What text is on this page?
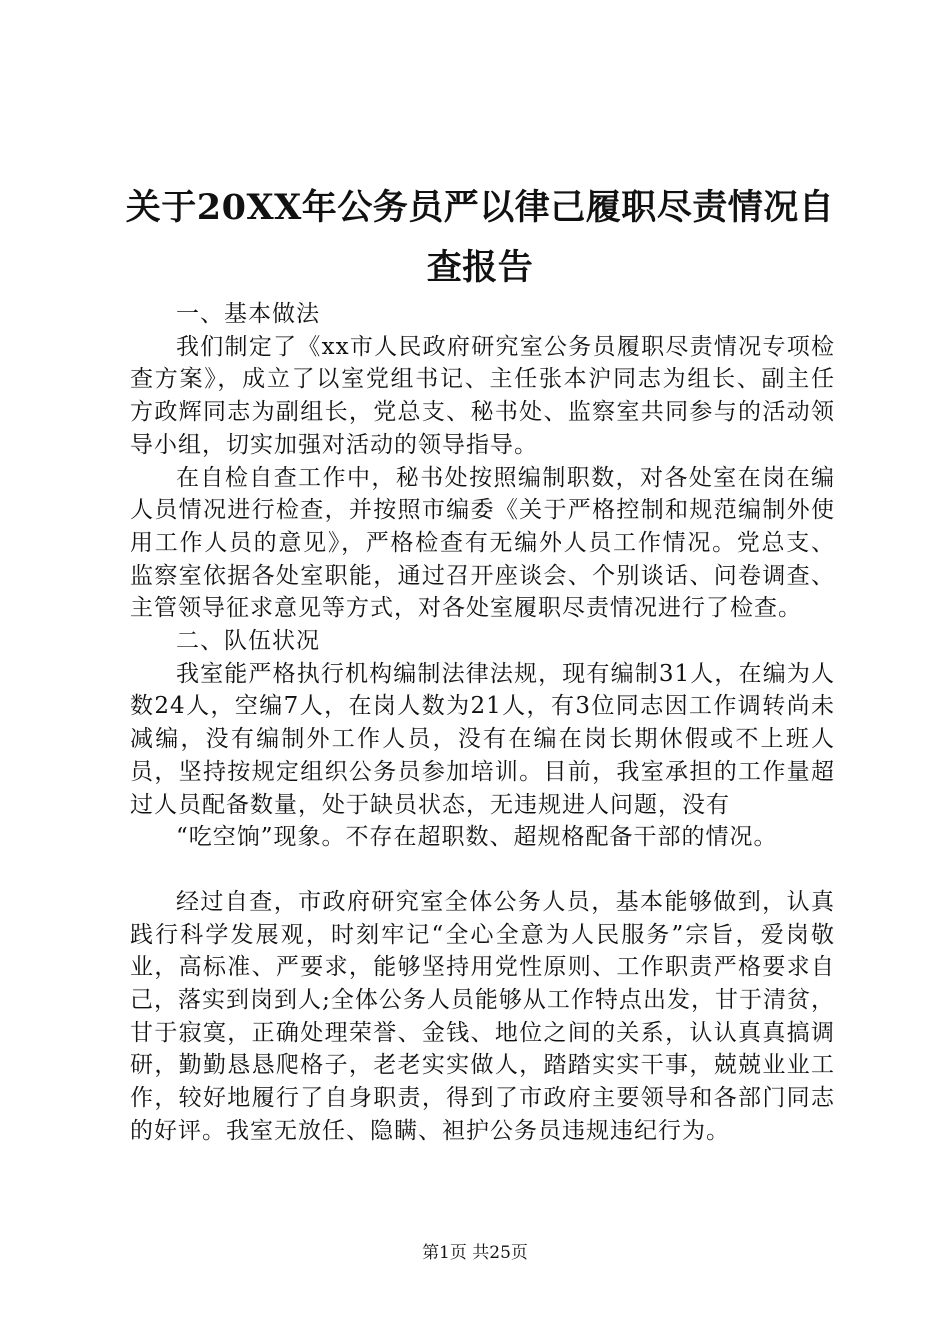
关于20XX年公务员严以律己履职尽责情况自查报告

一、基本做法

我们制定了《xx市人民政府研究室公务员履职尽责情况专项检查方案》，成立了以室党组书记、主任张本沪同志为组长、副主任方政辉同志为副组长，党总支、秘书处、监察室共同参与的活动领导小组，切实加强对活动的领导指导。

在自检自查工作中，秘书处按照编制职数，对各处室在岗在编人员情况进行检查，并按照市编委《关于严格控制和规范编制外使用工作人员的意见》，严格检查有无编外人员工作情况。党总支、监察室依据各处室职能，通过召开座谈会、个别谈话、问卷调查、主管领导征求意见等方式，对各处室履职尽责情况进行了检查。

二、队伍状况

我室能严格执行机构编制法律法规，现有编制31人，在编为人数24人，空编7人，在岗人数为21人，有3位同志因工作调转尚未减编，没有编制外工作人员，没有在编在岗长期休假或不上班人员，坚持按规定组织公务员参加培训。目前，我室承担的工作量超过人员配备数量，处于缺员状态，无违规进人问题，没有

“吃空饷”现象。不存在超职数、超规格配备干部的情况。

经过自查，市政府研究室全体公务人员，基本能够做到，认真践行科学发展观，时刻牢记“全心全意为人民服务”宗旨，爱岗敬业，高标准、严要求，能够坚持用党性原则、工作职责严格要求自己，落实到岗到人;全体公务人员能够从工作特点出发，甘于清贫，甘于寂寞，正确处理荣誉、金钱、地位之间的关系，认认真真搞调研，勤勤恳恳爬格子，老老实实做人，踏踏实实干事，兢兢业业工作，较好地履行了自身职责，得到了市政府主要领导和各部门同志的好评。我室无放任、隐瞒、袒护公务员违规违纪行为。

第1页 共25页
